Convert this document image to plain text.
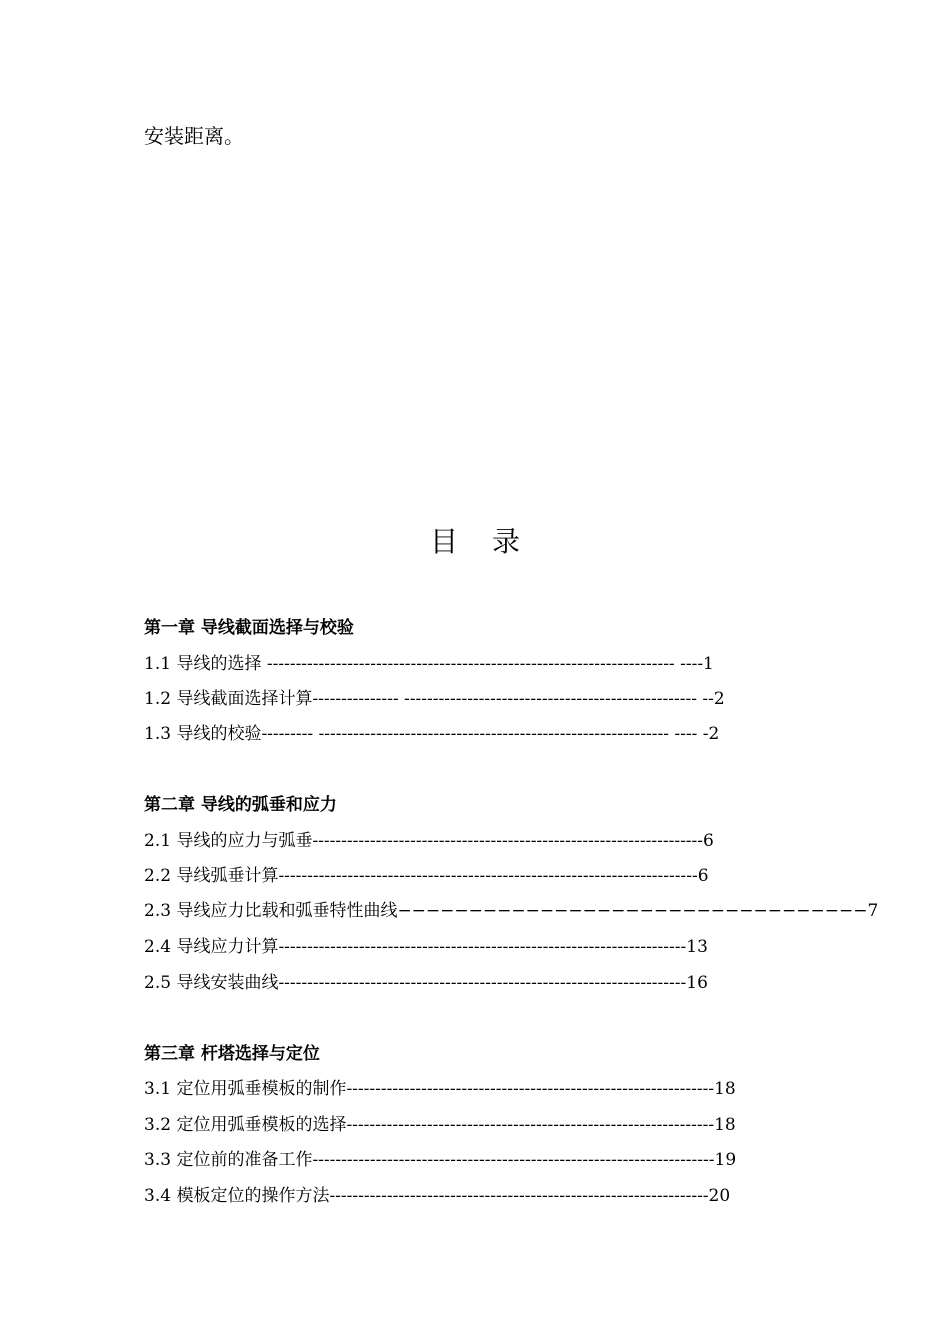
安装距离。
目录
第一章 导线截面选择与校验
1.1 导线的选择 ----------------------------------------------------------------------- ----1
1.2 导线截面选择计算--------------- --------------------------------------------------- --2
1.3 导线的校验--------- ------------------------------------------------------------- ---- -2
第二章 导线的弧垂和应力
2.1 导线的应力与弧垂--------------------------------------------------------------------6
2.2 导线弧垂计算-------------------------------------------------------------------------6
2.3 导线应力比载和弧垂特性曲线−−−−−−−−−−−−−−−−−−−−−−−−−−−−−−−−−7
2.4 导线应力计算-----------------------------------------------------------------------13
2.5 导线安装曲线-----------------------------------------------------------------------16
第三章 杆塔选择与定位
3.1 定位用弧垂模板的制作----------------------------------------------------------------18
3.2 定位用弧垂模板的选择----------------------------------------------------------------18
3.3 定位前的准备工作----------------------------------------------------------------------19
3.4 模板定位的操作方法------------------------------------------------------------------20
